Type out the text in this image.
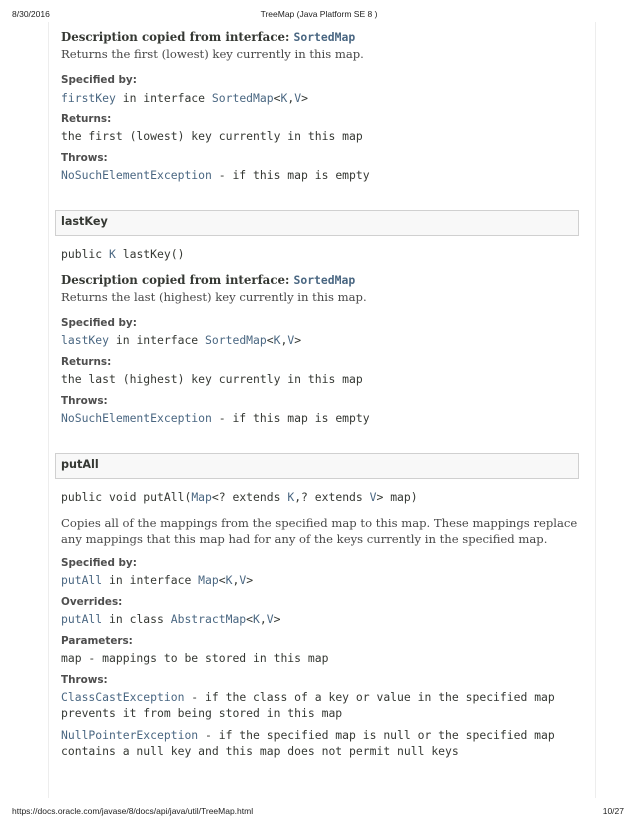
8/30/2016	TreeMap (Java Platform SE 8 )
Description copied from interface: SortedMap
Returns the first (lowest) key currently in this map.
Specified by:
firstKey in interface SortedMap<K,V>
Returns:
the first (lowest) key currently in this map
Throws:
NoSuchElementException - if this map is empty
lastKey
public K lastKey()
Description copied from interface: SortedMap
Returns the last (highest) key currently in this map.
Specified by:
lastKey in interface SortedMap<K,V>
Returns:
the last (highest) key currently in this map
Throws:
NoSuchElementException - if this map is empty
putAll
public void putAll(Map<? extends K,? extends V> map)
Copies all of the mappings from the specified map to this map. These mappings replace
any mappings that this map had for any of the keys currently in the specified map.
Specified by:
putAll in interface Map<K,V>
Overrides:
putAll in class AbstractMap<K,V>
Parameters:
map - mappings to be stored in this map
Throws:
ClassCastException - if the class of a key or value in the specified map
prevents it from being stored in this map
NullPointerException - if the specified map is null or the specified map
contains a null key and this map does not permit null keys
https://docs.oracle.com/javase/8/docs/api/java/util/TreeMap.html	10/27
